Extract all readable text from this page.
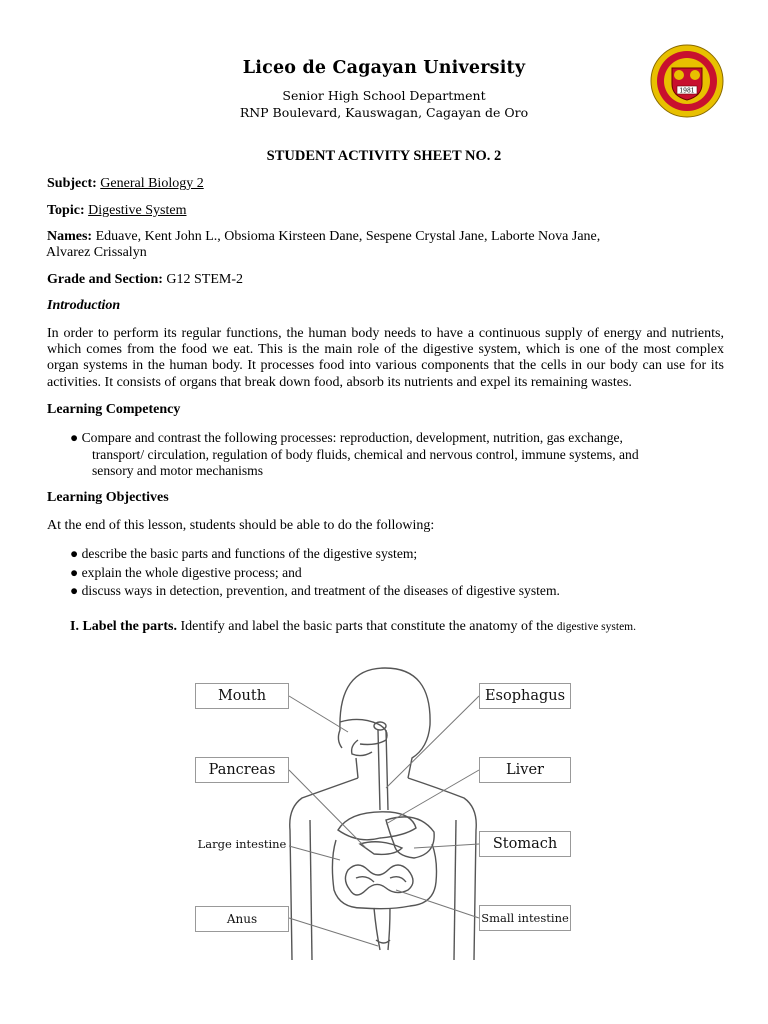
Liceo de Cagayan University
Senior High School Department
RNP Boulevard, Kauswagan, Cagayan de Oro
1981
STUDENT ACTIVITY SHEET NO. 2
Subject: General Biology 2
Topic: Digestive System
Names: Eduave, Kent John L., Obsioma Kirsteen Dane, Sespene Crystal Jane, Laborte Nova Jane,
Alvarez Crissalyn
Grade and Section: G12 STEM-2
Introduction
In order to perform its regular functions, the human body needs to have a continuous supply of energy and nutrients, which comes from the food we eat. This is the main role of the digestive system, which is one of the most complex organ systems in the human body. It processes food into various components that the cells in our body can use for its activities. It consists of organs that break down food, absorb its nutrients and expel its remaining wastes.
Learning Competency
● Compare and contrast the following processes: reproduction, development, nutrition, gas exchange,
transport/ circulation, regulation of body fluids, chemical and nervous control, immune systems, and
sensory and motor mechanisms
Learning Objectives
At the end of this lesson, students should be able to do the following:
● describe the basic parts and functions of the digestive system;
● explain the whole digestive process; and
● discuss ways in detection, prevention, and treatment of the diseases of digestive system.
I. Label the parts. Identify and label the basic parts that constitute the anatomy of the digestive system.
Mouth	Esophagus
Pancreas	Liver
Large intestine	Stomach
Anus	Small intestine
